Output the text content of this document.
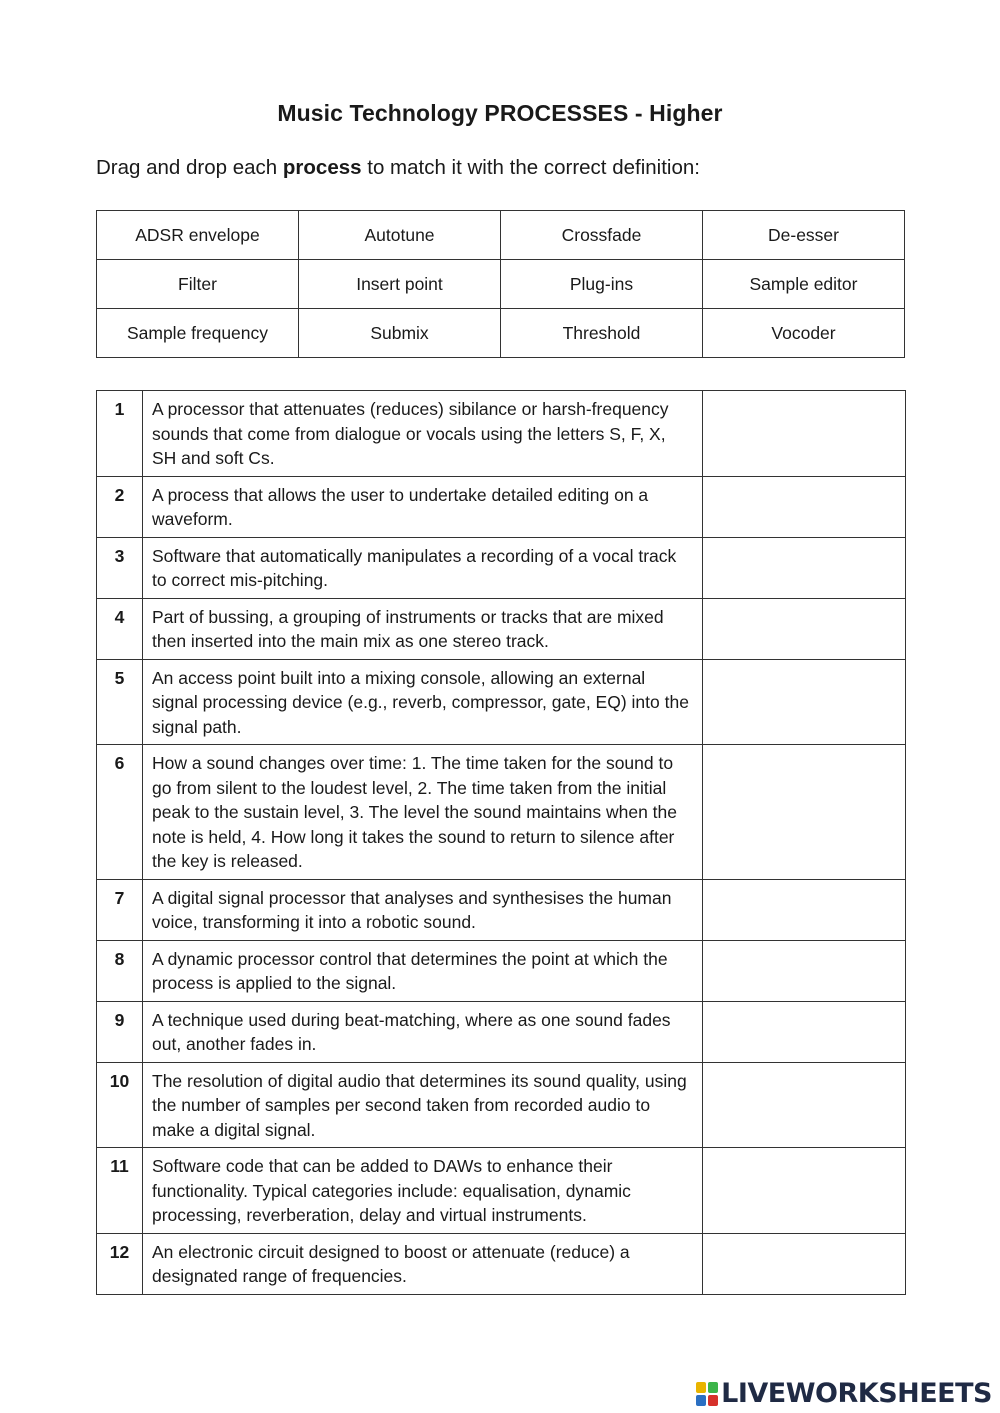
Music Technology PROCESSES - Higher
Drag and drop each process to match it with the correct definition:
ADSR envelope	Autotune	Crossfade	De-esser
Filter	Insert point	Plug-ins	Sample editor
Sample frequency	Submix	Threshold	Vocoder
1	A processor that attenuates (reduces) sibilance or harsh-frequency sounds that come from dialogue or vocals using the letters S, F, X, SH and soft Cs.	
2	A process that allows the user to undertake detailed editing on a waveform.	
3	Software that automatically manipulates a recording of a vocal track to correct mis-pitching.	
4	Part of bussing, a grouping of instruments or tracks that are mixed then inserted into the main mix as one stereo track.	
5	An access point built into a mixing console, allowing an external signal processing device (e.g., reverb, compressor, gate, EQ) into the signal path.	
6	How a sound changes over time: 1. The time taken for the sound to go from silent to the loudest level, 2. The time taken from the initial peak to the sustain level, 3. The level the sound maintains when the note is held, 4. How long it takes the sound to return to silence after the key is released.	
7	A digital signal processor that analyses and synthesises the human voice, transforming it into a robotic sound.	
8	A dynamic processor control that determines the point at which the process is applied to the signal.	
9	A technique used during beat-matching, where as one sound fades out, another fades in.	
10	The resolution of digital audio that determines its sound quality, using the number of samples per second taken from recorded audio to make a digital signal.	
11	Software code that can be added to DAWs to enhance their functionality. Typical categories include: equalisation, dynamic processing, reverberation, delay and virtual instruments.	
12	An electronic circuit designed to boost or attenuate (reduce) a designated range of frequencies.	
LIVEWORKSHEETS
